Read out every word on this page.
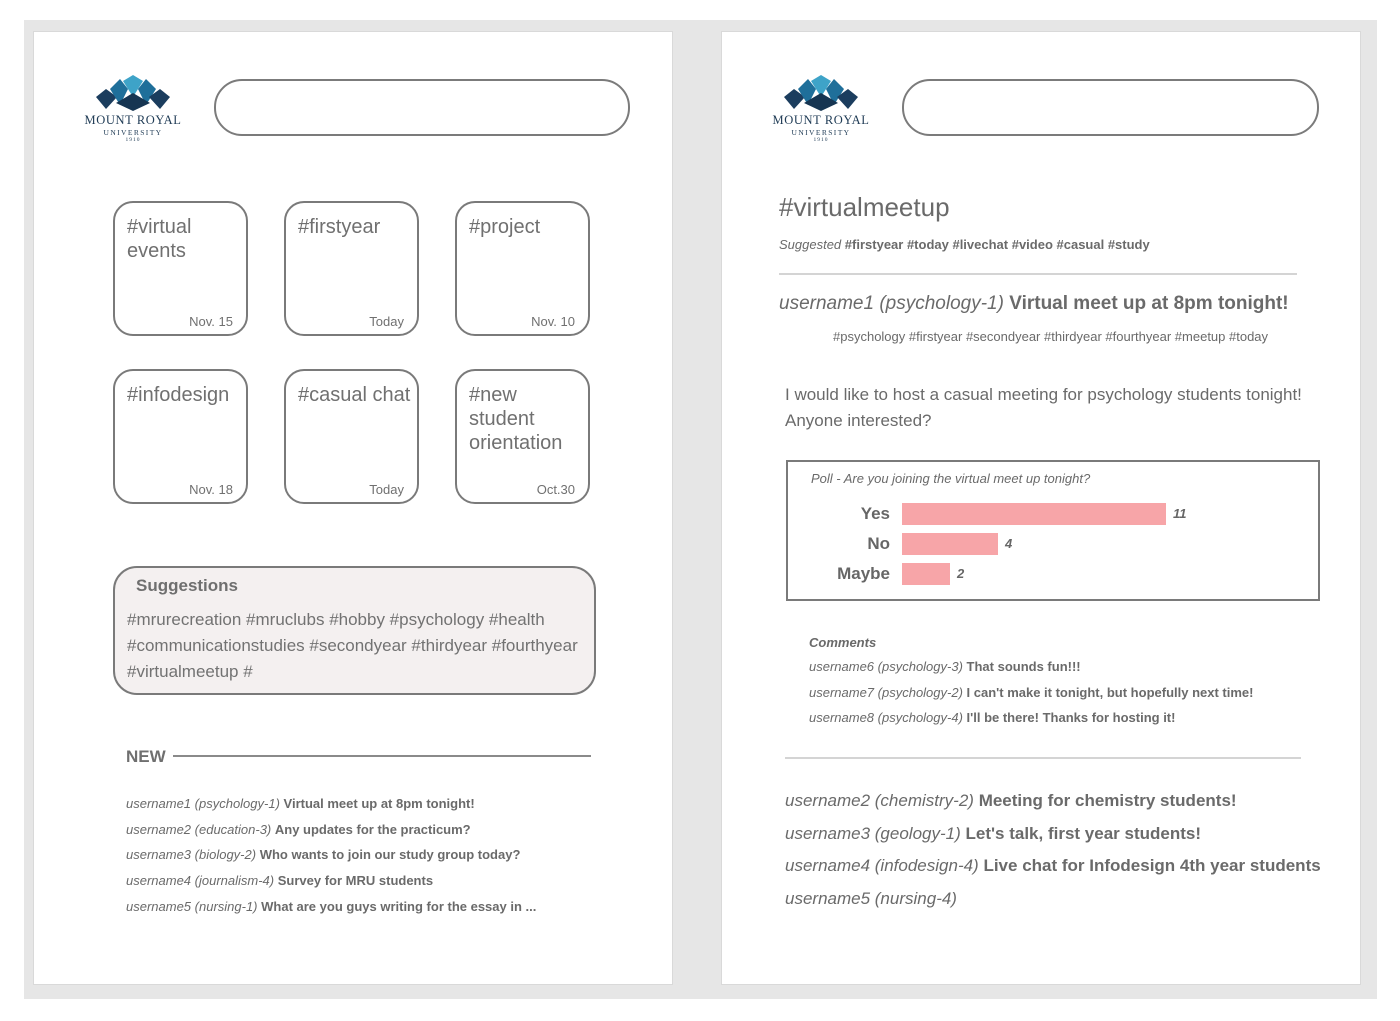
MOUNT ROYAL
UNIVERSITY
1910
#virtual events
Nov. 15
#firstyear
Today
#project
Nov. 10
#infodesign
Nov. 18
#casual chat
Today
#new student orientation
Oct.30
Suggestions
#mrurecreation #mruclubs #hobby #psychology #health #communicationstudies #secondyear #thirdyear #fourthyear #virtualmeetup #
NEW
username1 (psychology-1) Virtual meet up at 8pm tonight!
username2 (education-3) Any updates for the practicum?
username3 (biology-2) Who wants to join our study group today?
username4 (journalism-4) Survey for MRU students
username5 (nursing-1) What are you guys writing for the essay in ...
MOUNT ROYAL
UNIVERSITY
1910
#virtualmeetup
Suggested #firstyear #today #livechat #video #casual #study
username1 (psychology-1) Virtual meet up at 8pm tonight!
#psychology #firstyear #secondyear #thirdyear #fourthyear #meetup #today
I would like to host a casual meeting for psychology students tonight! Anyone interested?
Poll - Are you joining the virtual meet up tonight?
Yes	11
No	4
Maybe	2
Comments
username6 (psychology-3) That sounds fun!!!
username7 (psychology-2) I can't make it tonight, but hopefully next time!
username8 (psychology-4) I'll be there! Thanks for hosting it!
username2 (chemistry-2) Meeting for chemistry students!
username3 (geology-1) Let's talk, first year students!
username4 (infodesign-4) Live chat for Infodesign 4th year students
username5 (nursing-4)
